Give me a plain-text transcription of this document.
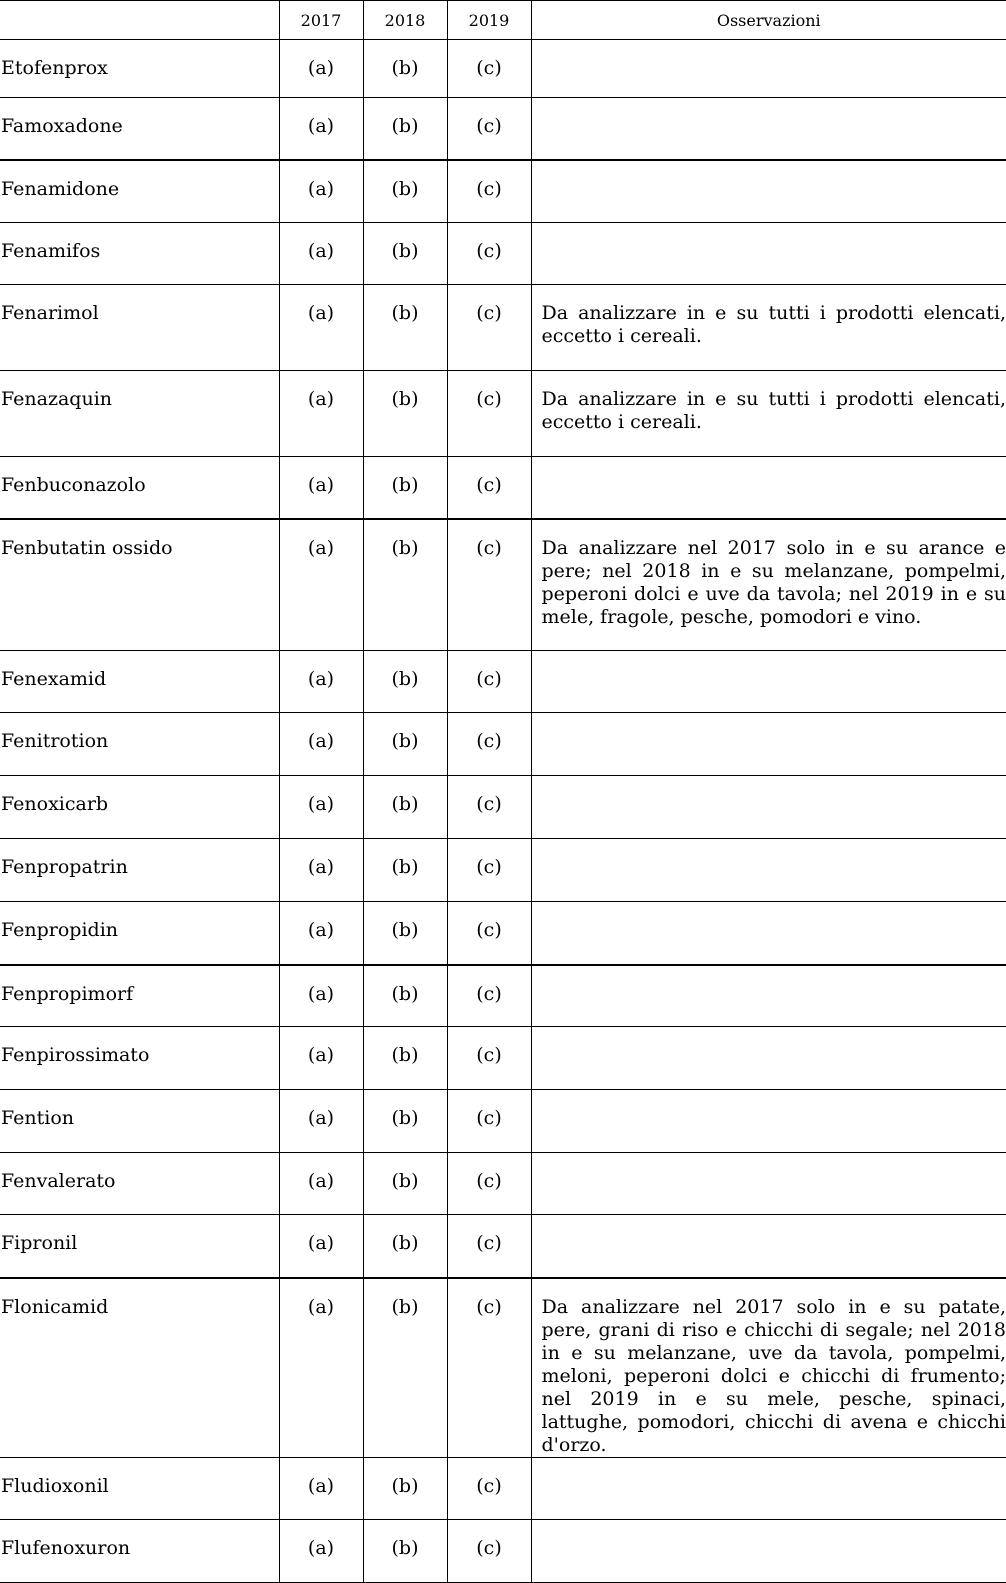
	2017	2018	2019	Osservazioni
Etofenprox	(a)	(b)	(c)	
Famoxadone	(a)	(b)	(c)	
Fenamidone	(a)	(b)	(c)	
Fenamifos	(a)	(b)	(c)	
Fenarimol	(a)	(b)	(c)	Da analizzare in e su tutti i prodotti elencati, eccetto i cereali.
Fenazaquin	(a)	(b)	(c)	Da analizzare in e su tutti i prodotti elencati, eccetto i cereali.
Fenbuconazolo	(a)	(b)	(c)	
Fenbutatin ossido	(a)	(b)	(c)	Da analizzare nel 2017 solo in e su arance e pere; nel 2018 in e su melanzane, pompelmi, peperoni dolci e uve da tavola; nel 2019 in e su mele, fragole, pesche, pomodori e vino.
Fenexamid	(a)	(b)	(c)	
Fenitrotion	(a)	(b)	(c)	
Fenoxicarb	(a)	(b)	(c)	
Fenpropatrin	(a)	(b)	(c)	
Fenpropidin	(a)	(b)	(c)	
Fenpropimorf	(a)	(b)	(c)	
Fenpirossimato	(a)	(b)	(c)	
Fention	(a)	(b)	(c)	
Fenvalerato	(a)	(b)	(c)	
Fipronil	(a)	(b)	(c)	
Flonicamid	(a)	(b)	(c)	Da analizzare nel 2017 solo in e su patate, pere, grani di riso e chicchi di segale; nel 2018 in e su melanzane, uve da tavola, pompelmi, meloni, peperoni dolci e chicchi di frumento; nel 2019 in e su mele, pesche, spinaci, lattughe, pomodori, chicchi di avena e chicchi d'orzo.
Fludioxonil	(a)	(b)	(c)	
Flufenoxuron	(a)	(b)	(c)	
